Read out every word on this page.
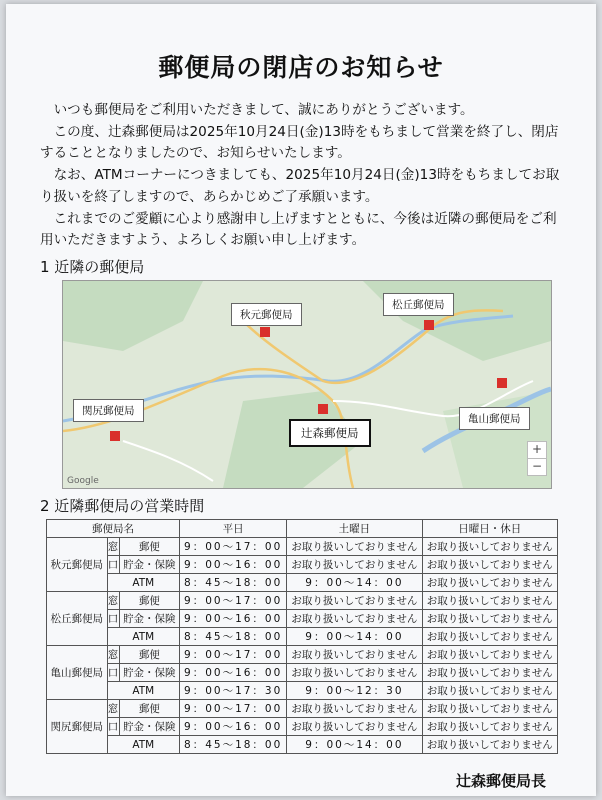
郵便局の閉店のお知らせ

いつも郵便局をご利用いただきまして、誠にありがとうございます。

この度、辻森郵便局は2025年10月24日(金)13時をもちまして営業を終了し、閉店することとなりましたので、お知らせいたします。

なお、ATMコーナーにつきましても、2025年10月24日(金)13時をもちましてお取り扱いを終了しますので、あらかじめご了承願います。

これまでのご愛顧に心より感謝申し上げますとともに、今後は近隣の郵便局をご利用いただきますよう、よろしくお願い申し上げます。

1 近隣の郵便局
秋元郵便局
松丘郵便局
関尻郵便局
辻森郵便局
亀山郵便局
+
−
Google
2 近隣郵便局の営業時間
郵便局名			平日	土曜日	日曜日・休日
秋元郵便局	窓	郵便	9：00～17：00	お取り扱いしておりません	お取り扱いしておりません
	口	貯金・保険	9：00～16：00	お取り扱いしておりません	お取り扱いしておりません
	ATM		8：45～18：00	9：00～14：00	お取り扱いしておりません
松丘郵便局	窓	郵便	9：00～17：00	お取り扱いしておりません	お取り扱いしておりません
	口	貯金・保険	9：00～16：00	お取り扱いしておりません	お取り扱いしておりません
	ATM		8：45～18：00	9：00～14：00	お取り扱いしておりません
亀山郵便局	窓	郵便	9：00～17：00	お取り扱いしておりません	お取り扱いしておりません
	口	貯金・保険	9：00～16：00	お取り扱いしておりません	お取り扱いしておりません
	ATM		9：00～17：30	9：00～12：30	お取り扱いしておりません
関尻郵便局	窓	郵便	9：00～17：00	お取り扱いしておりません	お取り扱いしておりません
	口	貯金・保険	9：00～16：00	お取り扱いしておりません	お取り扱いしておりません
	ATM		8：45～18：00	9：00～14：00	お取り扱いしておりません
辻森郵便局長
